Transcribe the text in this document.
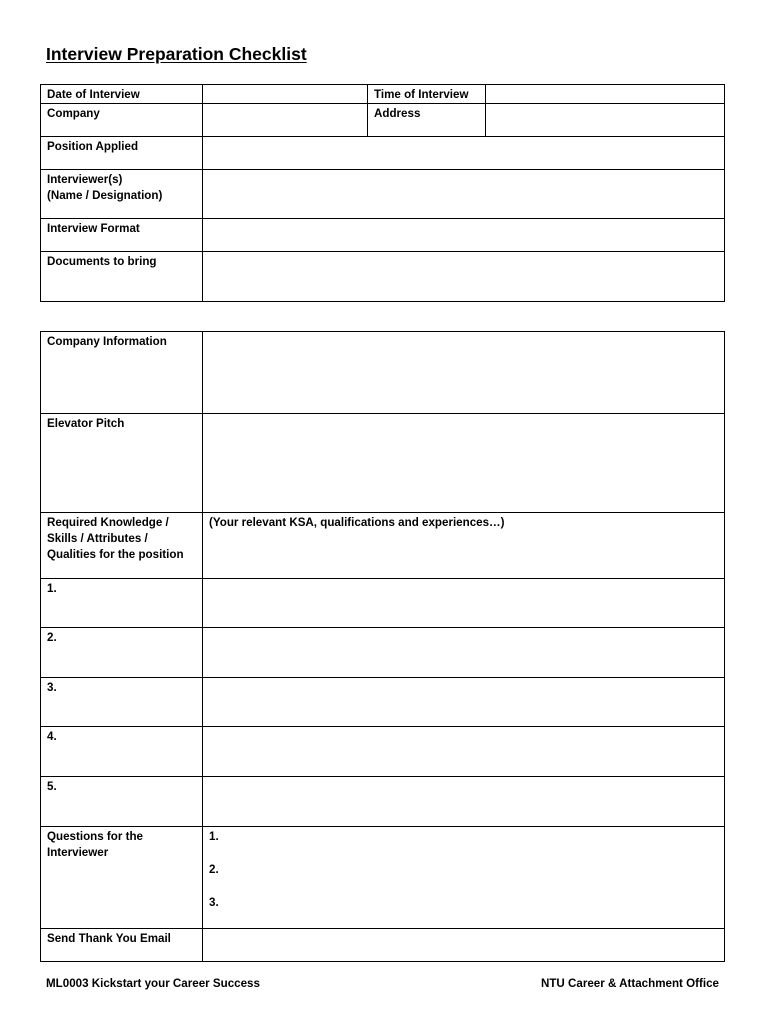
Interview Preparation Checklist
Date of Interview		Time of Interview	
Company		Address	
Position Applied			

Interviewer(s)
(Name / Designation)			

Interview Format			
Documents to bring			
Company Information	
Elevator Pitch	
Required Knowledge / Skills / Attributes / Qualities for the position	(Your relevant KSA, qualifications and experiences…)
1.	
2.	
3.	
4.	
5.	
Questions for the Interviewer	1.
2.
3.

Send Thank You Email	
ML0003 Kickstart your Career Success	NTU Career & Attachment Office
